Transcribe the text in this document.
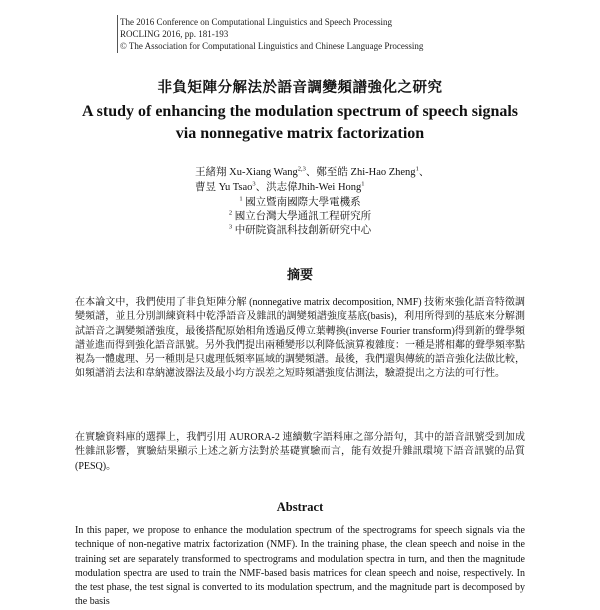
The 2016 Conference on Computational Linguistics and Speech Processing
ROCLING 2016, pp. 181-193
© The Association for Computational Linguistics and Chinese Language Processing
非負矩陣分解法於語音調變頻譜強化之研究
A study of enhancing the modulation spectrum of speech signals
via nonnegative matrix factorization
王緒翔 Xu-Xiang Wang$^{2,3}$、鄭至皓 Zhi-Hao Zheng$^1$、
曹昱 Yu Tsao$^3$、洪志偉Jhih-Wei Hong$^1$
$^1$ 國立暨南國際大學電機系
$^2$ 國立台灣大學通訊工程研究所
$^3$ 中研院資訊科技創新研究中心
摘要
在本論文中，我們使用了非負矩陣分解 (nonnegative matrix decomposition, NMF) 技術來強化語音特徵調變頻譜，並且分別訓練資料中乾淨語音及雜訊的調變頻譜強度基底(basis)，利用所得到的基底來分解測試語音之調變頻譜強度，最後搭配原始相角透過反傅立葉轉換(inverse Fourier transform)得到新的聲學頻譜並進而得到強化語音訊號。另外我們提出兩種變形以利降低演算複雜度：一種是將相鄰的聲學頻率點視為一體處理、另一種則是只處理低頻率區域的調變頻譜。最後，我們還與傳統的語音強化法做比較，如頻譜消去法和韋納濾波器法及最小均方誤差之短時頻譜強度估測法，驗證提出之方法的可行性。
在實驗資料庫的選擇上，我們引用 AURORA-2 連續數字語料庫之部分語句，其中的語音訊號受到加成性雜訊影響，實驗結果顯示上述之新方法對於基礎實驗而言，能有效提升雜訊環境下語音訊號的品質(PESQ)。
Abstract
In this paper, we propose to enhance the modulation spectrum of the spectrograms for speech signals via the technique of non-negative matrix factorization (NMF). In the training phase, the clean speech and noise in the training set are separately transformed to spectrograms and modulation spectra in turn, and then the magnitude modulation spectra are used to train the NMF-based basis matrices for clean speech and noise, respectively. In the test phase, the test signal is converted to its modulation spectrum, and the magnitude part is decomposed by the basis
